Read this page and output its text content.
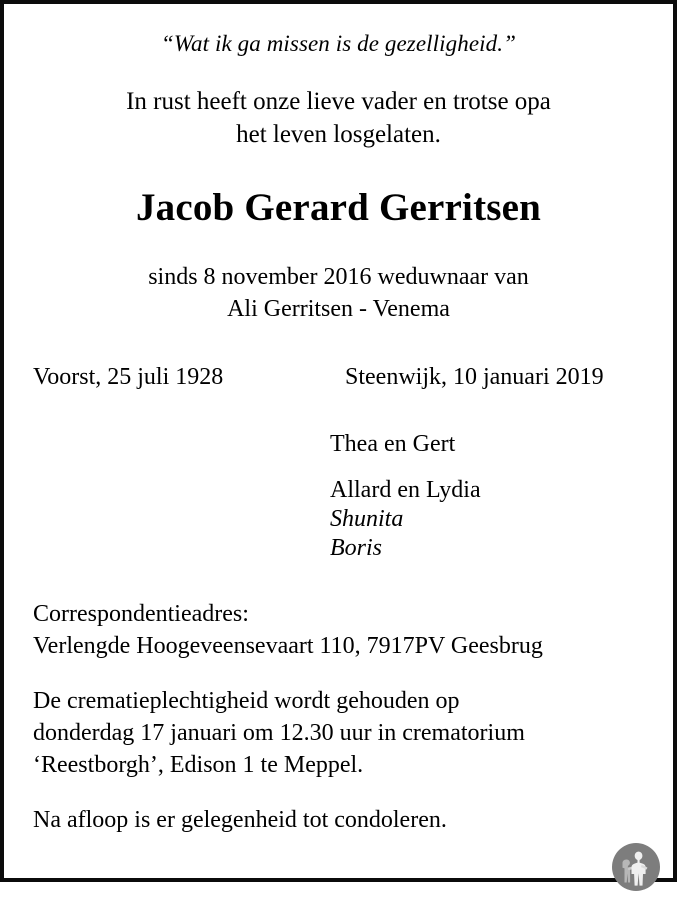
“Wat ik ga missen is de gezelligheid.”
In rust heeft onze lieve vader en trotse opa
het leven losgelaten.
Jacob Gerard Gerritsen
sinds 8 november 2016 weduwnaar van
Ali Gerritsen - Venema
Voorst, 25 juli 1928	Steenwijk, 10 januari 2019
Thea en Gert
Allard en Lydia
Shunita
Boris
Correspondentieadres:
Verlengde Hoogeveensevaart 110, 7917PV Geesbrug
De crematieplechtigheid wordt gehouden op
donderdag 17 januari om 12.30 uur in crematorium
‘Reestborgh’, Edison 1 te Meppel.
Na afloop is er gelegenheid tot condoleren.
